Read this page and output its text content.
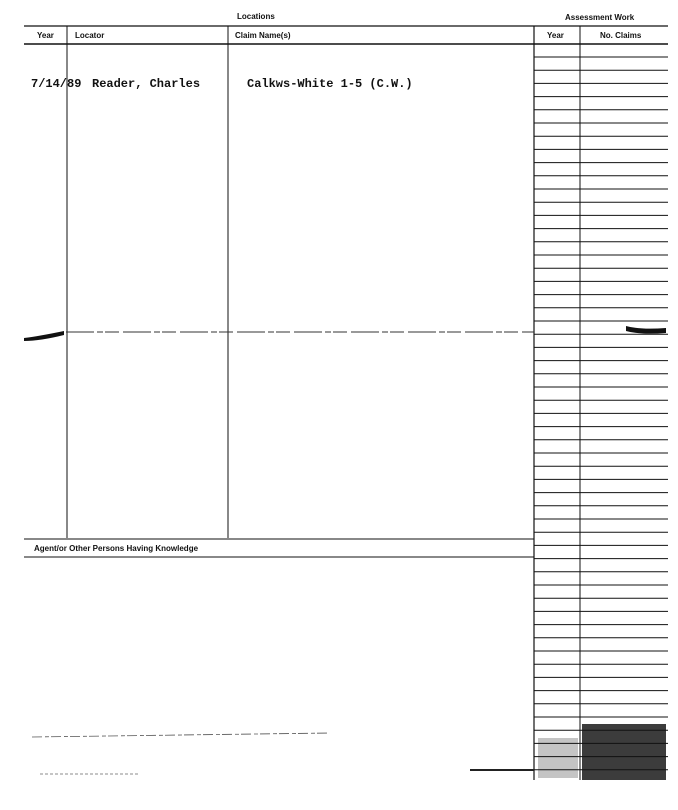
Locations	Assessment Work
Year	Locator	Claim Name(s)	Year	No. Claims
7/14/89 Reader, Charles	Calkws-White 1-5 (C.W.)
Agent/or Other Persons Having Knowledge
